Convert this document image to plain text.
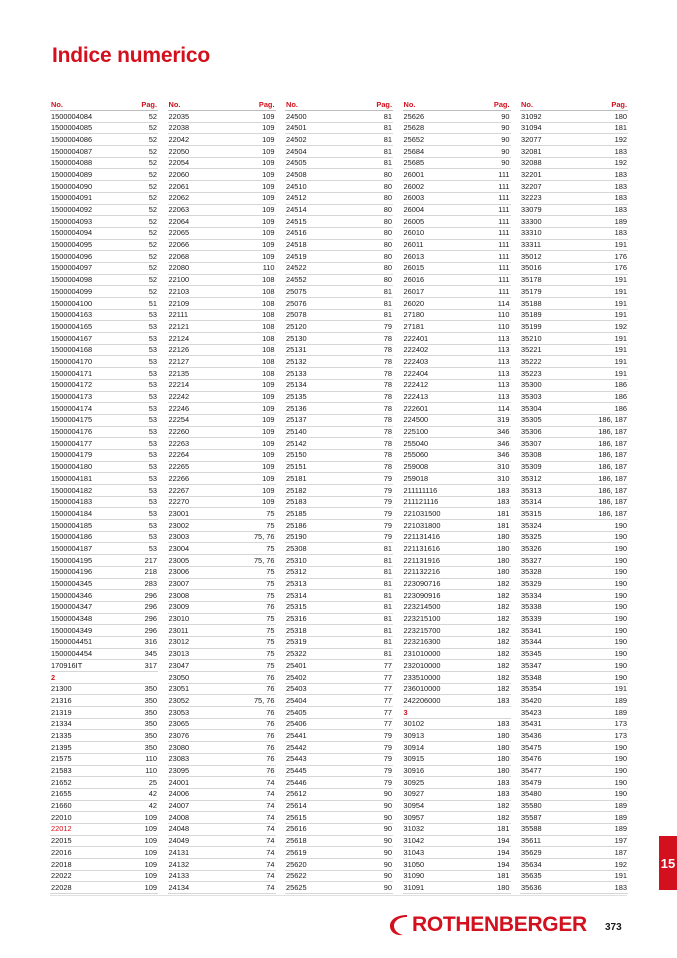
Indice numerico
No.	Pag.
1500004084	52
1500004085	52
1500004086	52
1500004087	52
1500004088	52
1500004089	52
1500004090	52
1500004091	52
1500004092	52
1500004093	52
1500004094	52
1500004095	52
1500004096	52
1500004097	52
1500004098	52
1500004099	52
1500004100	51
1500004163	53
1500004165	53
1500004167	53
1500004168	53
1500004170	53
1500004171	53
1500004172	53
1500004173	53
1500004174	53
1500004175	53
1500004176	53
1500004177	53
1500004179	53
1500004180	53
1500004181	53
1500004182	53
1500004183	53
1500004184	53
1500004185	53
1500004186	53
1500004187	53
1500004195	217
1500004196	218
1500004345	283
1500004346	296
1500004347	296
1500004348	296
1500004349	296
1500004451	316
1500004454	345
170916IT	317
2
21300	350
21316	350
21319	350
21334	350
21335	350
21395	350
21575	110
21583	110
21652	25
21655	42
21660	42
22010	109
22012	109
22015	109
22016	109
22018	109
22022	109
22028	109
No.	Pag.
22035	109
22038	109
22042	109
22050	109
22054	109
22060	109
22061	109
22062	109
22063	109
22064	109
22065	109
22066	109
22068	109
22080	110
22100	108
22103	108
22109	108
22111	108
22121	108
22124	108
22126	108
22127	108
22135	108
22214	109
22242	109
22246	109
22254	109
22260	109
22263	109
22264	109
22265	109
22266	109
22267	109
22270	109
23001	75
23002	75
23003	75, 76
23004	75
23005	75, 76
23006	75
23007	75
23008	75
23009	76
23010	75
23011	75
23012	75
23013	75
23047	75
23050	76
23051	76
23052	75, 76
23053	76
23065	76
23076	76
23080	76
23083	76
23095	76
24001	74
24006	74
24007	74
24008	74
24048	74
24049	74
24131	74
24132	74
24133	74
24134	74
No.	Pag.
24500	81
24501	81
24502	81
24504	81
24505	81
24508	80
24510	80
24512	80
24514	80
24515	80
24516	80
24518	80
24519	80
24522	80
24552	80
25075	81
25076	81
25078	81
25120	79
25130	78
25131	78
25132	78
25133	78
25134	78
25135	78
25136	78
25137	78
25140	78
25142	78
25150	78
25151	78
25181	79
25182	79
25183	79
25185	79
25186	79
25190	79
25308	81
25310	81
25312	81
25313	81
25314	81
25315	81
25316	81
25318	81
25319	81
25322	81
25401	77
25402	77
25403	77
25404	77
25405	77
25406	77
25441	79
25442	79
25443	79
25445	79
25446	79
25612	90
25614	90
25615	90
25616	90
25618	90
25619	90
25620	90
25622	90
25625	90
No.	Pag.
25626	90
25628	90
25652	90
25684	90
25685	90
26001	111
26002	111
26003	111
26004	111
26005	111
26010	111
26011	111
26013	111
26015	111
26016	111
26017	111
26020	114
27180	110
27181	110
222401	113
222402	113
222403	113
222404	113
222412	113
222413	113
222601	114
224500	319
225100	346
255040	346
255060	346
259008	310
259018	310
211111116	183
211121116	183
221031500	181
221031800	181
221131416	180
221131616	180
221131916	180
221132216	180
223090716	182
223090916	182
223214500	182
223215100	182
223215700	182
223216300	182
231010000	182
232010000	182
233510000	182
236010000	182
242206000	183
3
30102	183
30913	180
30914	180
30915	180
30916	180
30925	183
30927	183
30954	182
30957	182
31032	181
31042	194
31043	194
31050	194
31090	181
31091	180
No.	Pag.
31092	180
31094	181
32077	192
32081	183
32088	192
32201	183
32207	183
32223	183
33079	183
33300	189
33310	183
33311	191
35012	176
35016	176
35178	191
35179	191
35188	191
35189	191
35199	192
35210	191
35221	191
35222	191
35223	191
35300	186
35303	186
35304	186
35305	186, 187
35306	186, 187
35307	186, 187
35308	186, 187
35309	186, 187
35312	186, 187
35313	186, 187
35314	186, 187
35315	186, 187
35324	190
35325	190
35326	190
35327	190
35328	190
35329	190
35334	190
35338	190
35339	190
35341	190
35344	190
35345	190
35347	190
35348	190
35354	191
35420	189
35423	189
35431	173
35436	173
35475	190
35476	190
35477	190
35479	190
35480	190
35580	189
35587	189
35588	189
35611	197
35629	187
35634	192
35635	191
35636	183
15
ROTHENBERGER 373
